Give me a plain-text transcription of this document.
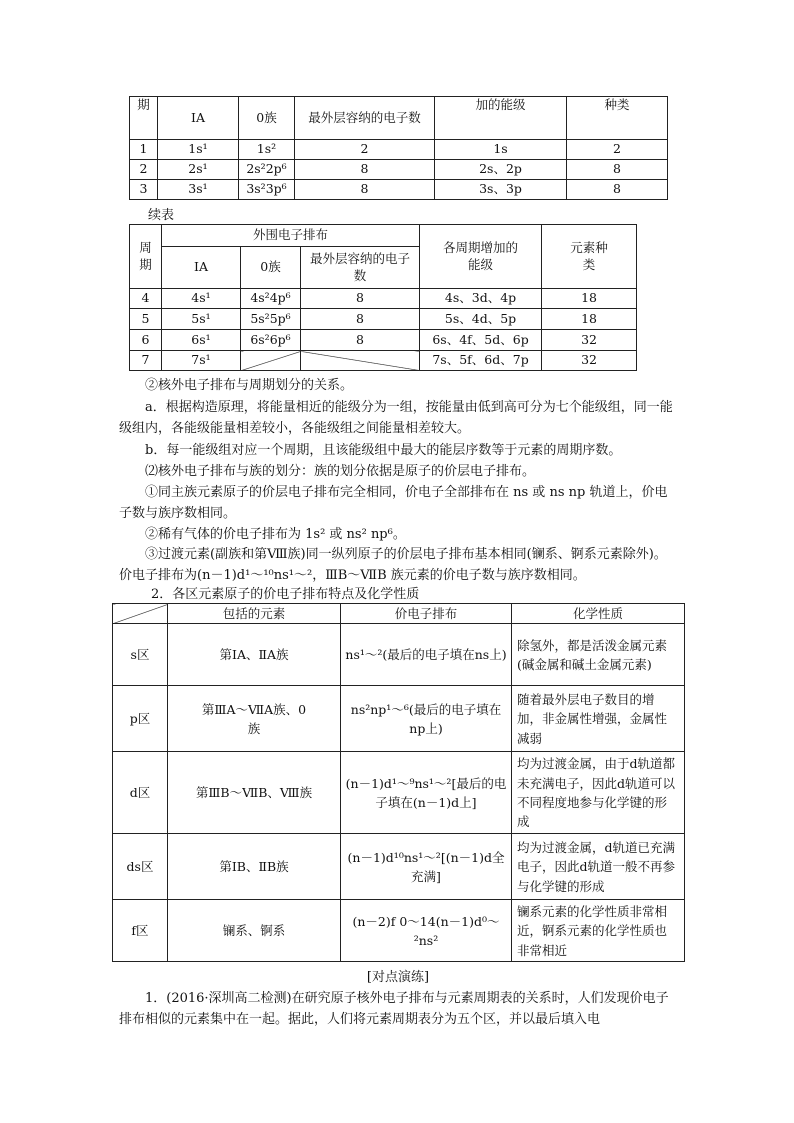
期	ⅠA	0族	最外层容纳的电子数	加的能级	种类
1	1s¹	1s²	2	1s	2
2	2s¹	2s²2p⁶	8	2s、2p	8
3	3s¹	3s²3p⁶	8	3s、3p	8
续表
周期	外围电子排布			各周期增加的能级	元素种类
	ⅠA	0族	最外层容纳的电子数		
4	4s¹	4s²4p⁶	8	4s、3d、4p	18
5	5s¹	5s²5p⁶	8	5s、4d、5p	18
6	6s¹	6s²6p⁶	8	6s、4f、5d、6p	32
7	7s¹			7s、5f、6d、7p	32

②核外电子排布与周期划分的关系。

a．根据构造原理，将能量相近的能级分为一组，按能量由低到高可分为七个能级组，同一能级组内，各能级能量相差较小，各能级组之间能量相差较大。

b．每一能级组对应一个周期，且该能级组中最大的能层序数等于元素的周期序数。

⑵核外电子排布与族的划分：族的划分依据是原子的价层电子排布。

①同主族元素原子的价层电子排布完全相同，价电子全部排布在 ns 或 ns np 轨道上，价电子数与族序数相同。

②稀有气体的价电子排布为 1s² 或 ns² np⁶。

③过渡元素(副族和第Ⅷ族)同一纵列原子的价层电子排布基本相同(镧系、锕系元素除外)。价电子排布为(n－1)d¹～¹⁰ns¹～²，ⅢB～ⅦB 族元素的价电子数与族序数相同。

2．各区元素原子的价电子排布特点及化学性质

	包括的元素	价电子排布	化学性质
s区	第ⅠA、ⅡA族	ns¹～²(最后的电子填在ns上)	除氢外，都是活泼金属元素(碱金属和碱土金属元素)
p区	第ⅢA～ⅦA族、0族	ns²np¹～⁶(最后的电子填在np上)	随着最外层电子数目的增加，非金属性增强，金属性减弱
d区	第ⅢB～ⅦB、Ⅷ族	(n－1)d¹～⁹ns¹～²[最后的电子填在(n－1)d上]	均为过渡金属，由于d轨道都未充满电子，因此d轨道可以不同程度地参与化学键的形成
ds区	第ⅠB、ⅡB族	(n－1)d¹⁰ns¹～²[(n－1)d全充满]	均为过渡金属，d轨道已充满电子，因此d轨道一般不再参与化学键的形成
f区	镧系、锕系	(n－2)f 0～14(n－1)d⁰～²ns²	镧系元素的化学性质非常相近，锕系元素的化学性质也非常相近
[对点演练]

1．(2016·深圳高二检测)在研究原子核外电子排布与元素周期表的关系时，人们发现价电子排布相似的元素集中在一起。据此，人们将元素周期表分为五个区，并以最后填入电
